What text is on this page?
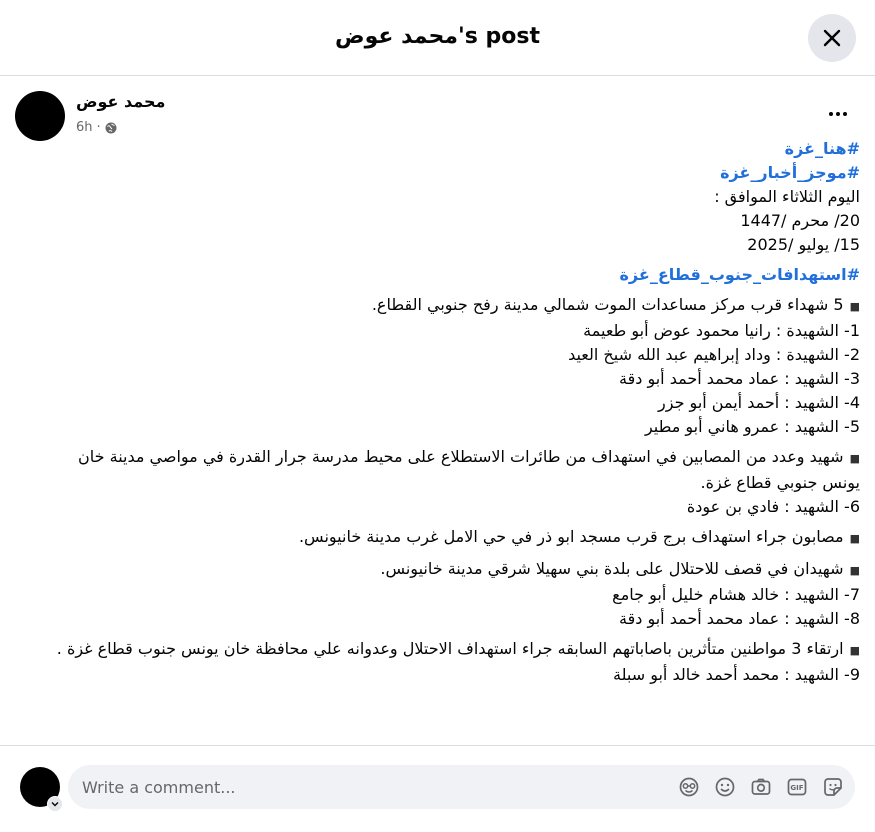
محمد عوض's post
محمد عوض
6h ·
#هنا_غزة
#موجز_أخبار_غزة
اليوم الثلاثاء الموافق :
20/ محرم /1447
15/ يوليو /2025
#استهدافات_جنوب_قطاع_غزة
■5 شهداء قرب مركز مساعدات الموت شمالي مدينة رفح جنوبي القطاع.
1- الشهيدة : رانيا محمود عوض أبو طعيمة
2- الشهيدة : وداد إبراهيم عبد الله شيخ العيد
3- الشهيد : عماد محمد أحمد أبو دقة
4- الشهيد : أحمد أيمن أبو جزر
5- الشهيد : عمرو هاني أبو مطير
■شهيد وعدد من المصابين في استهداف من طائرات الاستطلاع على محيط مدرسة جرار القدرة في مواصي مدينة خان يونس جنوبي قطاع غزة.
6- الشهيد : فادي بن عودة
■مصابون جراء استهداف برج قرب مسجد ابو ذر في حي الامل غرب مدينة خانيونس.
■شهيدان في قصف للاحتلال على بلدة بني سهيلا شرقي مدينة خانيونس.
7- الشهيد : خالد هشام خليل أبو جامع
8- الشهيد : عماد محمد أحمد أبو دقة
■ارتقاء 3 مواطنين متأثرين باصاباتهم السابقه جراء استهداف الاحتلال وعدوانه علي محافظة خان يونس جنوب قطاع غزة .
9- الشهيد : محمد أحمد خالد أبو سبلة
Write a comment...
GIF
